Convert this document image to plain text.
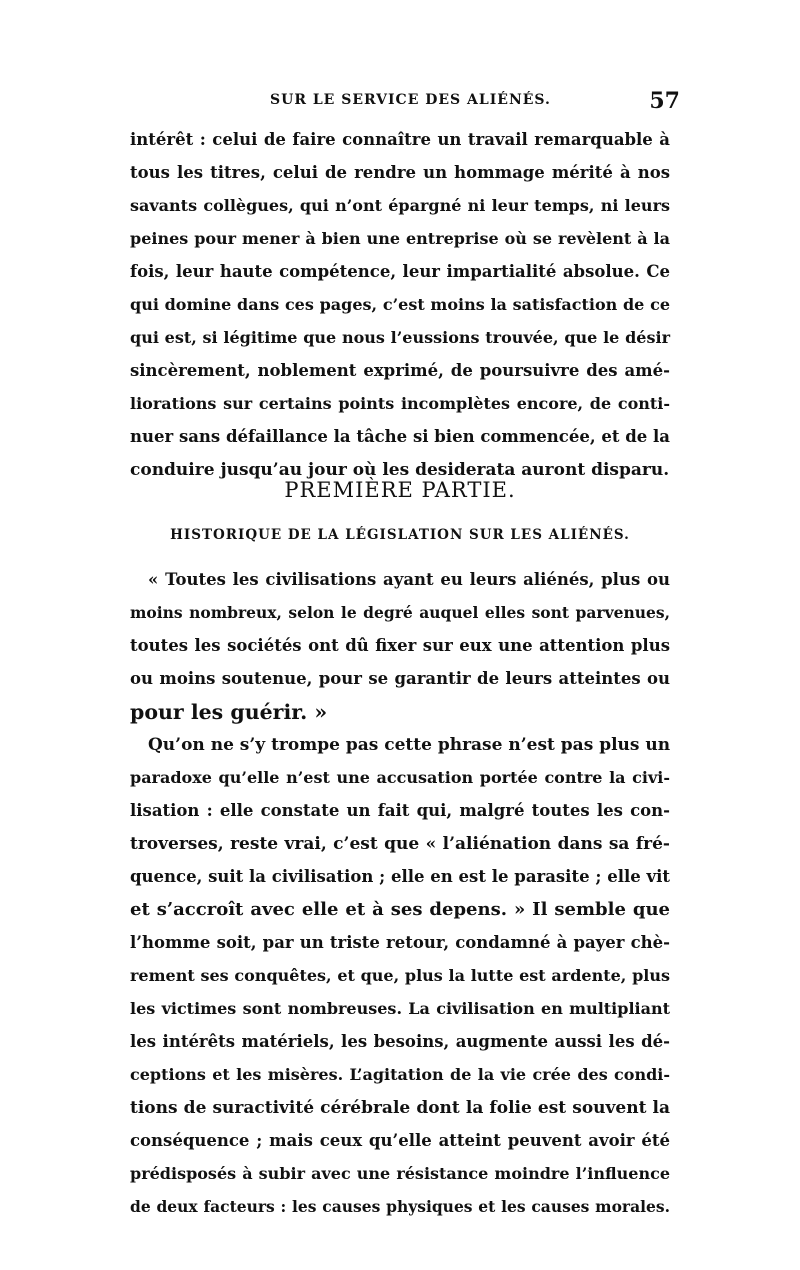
SUR LE SERVICE DES ALIÉNÉS.	57
intérêt : celui de faire connaître un travail remarquable à
tous les titres, celui de rendre un hommage mérité à nos
savants collègues, qui n’ont épargné ni leur temps, ni leurs
peines pour mener à bien une entreprise où se revèlent à la
fois, leur haute compétence, leur impartialité absolue. Ce
qui domine dans ces pages, c’est moins la satisfaction de ce
qui est, si légitime que nous l’eussions trouvée, que le désir
sincèrement, noblement exprimé, de poursuivre des amé-
liorations sur certains points incomplètes encore, de conti-
nuer sans défaillance la tâche si bien commencée, et de la
conduire jusqu’au jour où les desiderata auront disparu.
PREMIÈRE PARTIE.
HISTORIQUE DE LA LÉGISLATION SUR LES ALIÉNÉS.
« Toutes les civilisations ayant eu leurs aliénés, plus ou
moins nombreux, selon le degré auquel elles sont parvenues,
toutes les sociétés ont dû fixer sur eux une attention plus
ou moins soutenue, pour se garantir de leurs atteintes ou
pour les guérir. »
Qu’on ne s’y trompe pas cette phrase n’est pas plus un
paradoxe qu’elle n’est une accusation portée contre la civi-
lisation : elle constate un fait qui, malgré toutes les con-
troverses, reste vrai, c’est que « l’aliénation dans sa fré-
quence, suit la civilisation ; elle en est le parasite ; elle vit
et s’accroît avec elle et à ses depens. » Il semble que
l’homme soit, par un triste retour, condamné à payer chè-
rement ses conquêtes, et que, plus la lutte est ardente, plus
les victimes sont nombreuses. La civilisation en multipliant
les intérêts matériels, les besoins, augmente aussi les dé-
ceptions et les misères. L’agitation de la vie crée des condi-
tions de suractivité cérébrale dont la folie est souvent la
conséquence ; mais ceux qu’elle atteint peuvent avoir été
prédisposés à subir avec une résistance moindre l’influence
de deux facteurs : les causes physiques et les causes morales.
